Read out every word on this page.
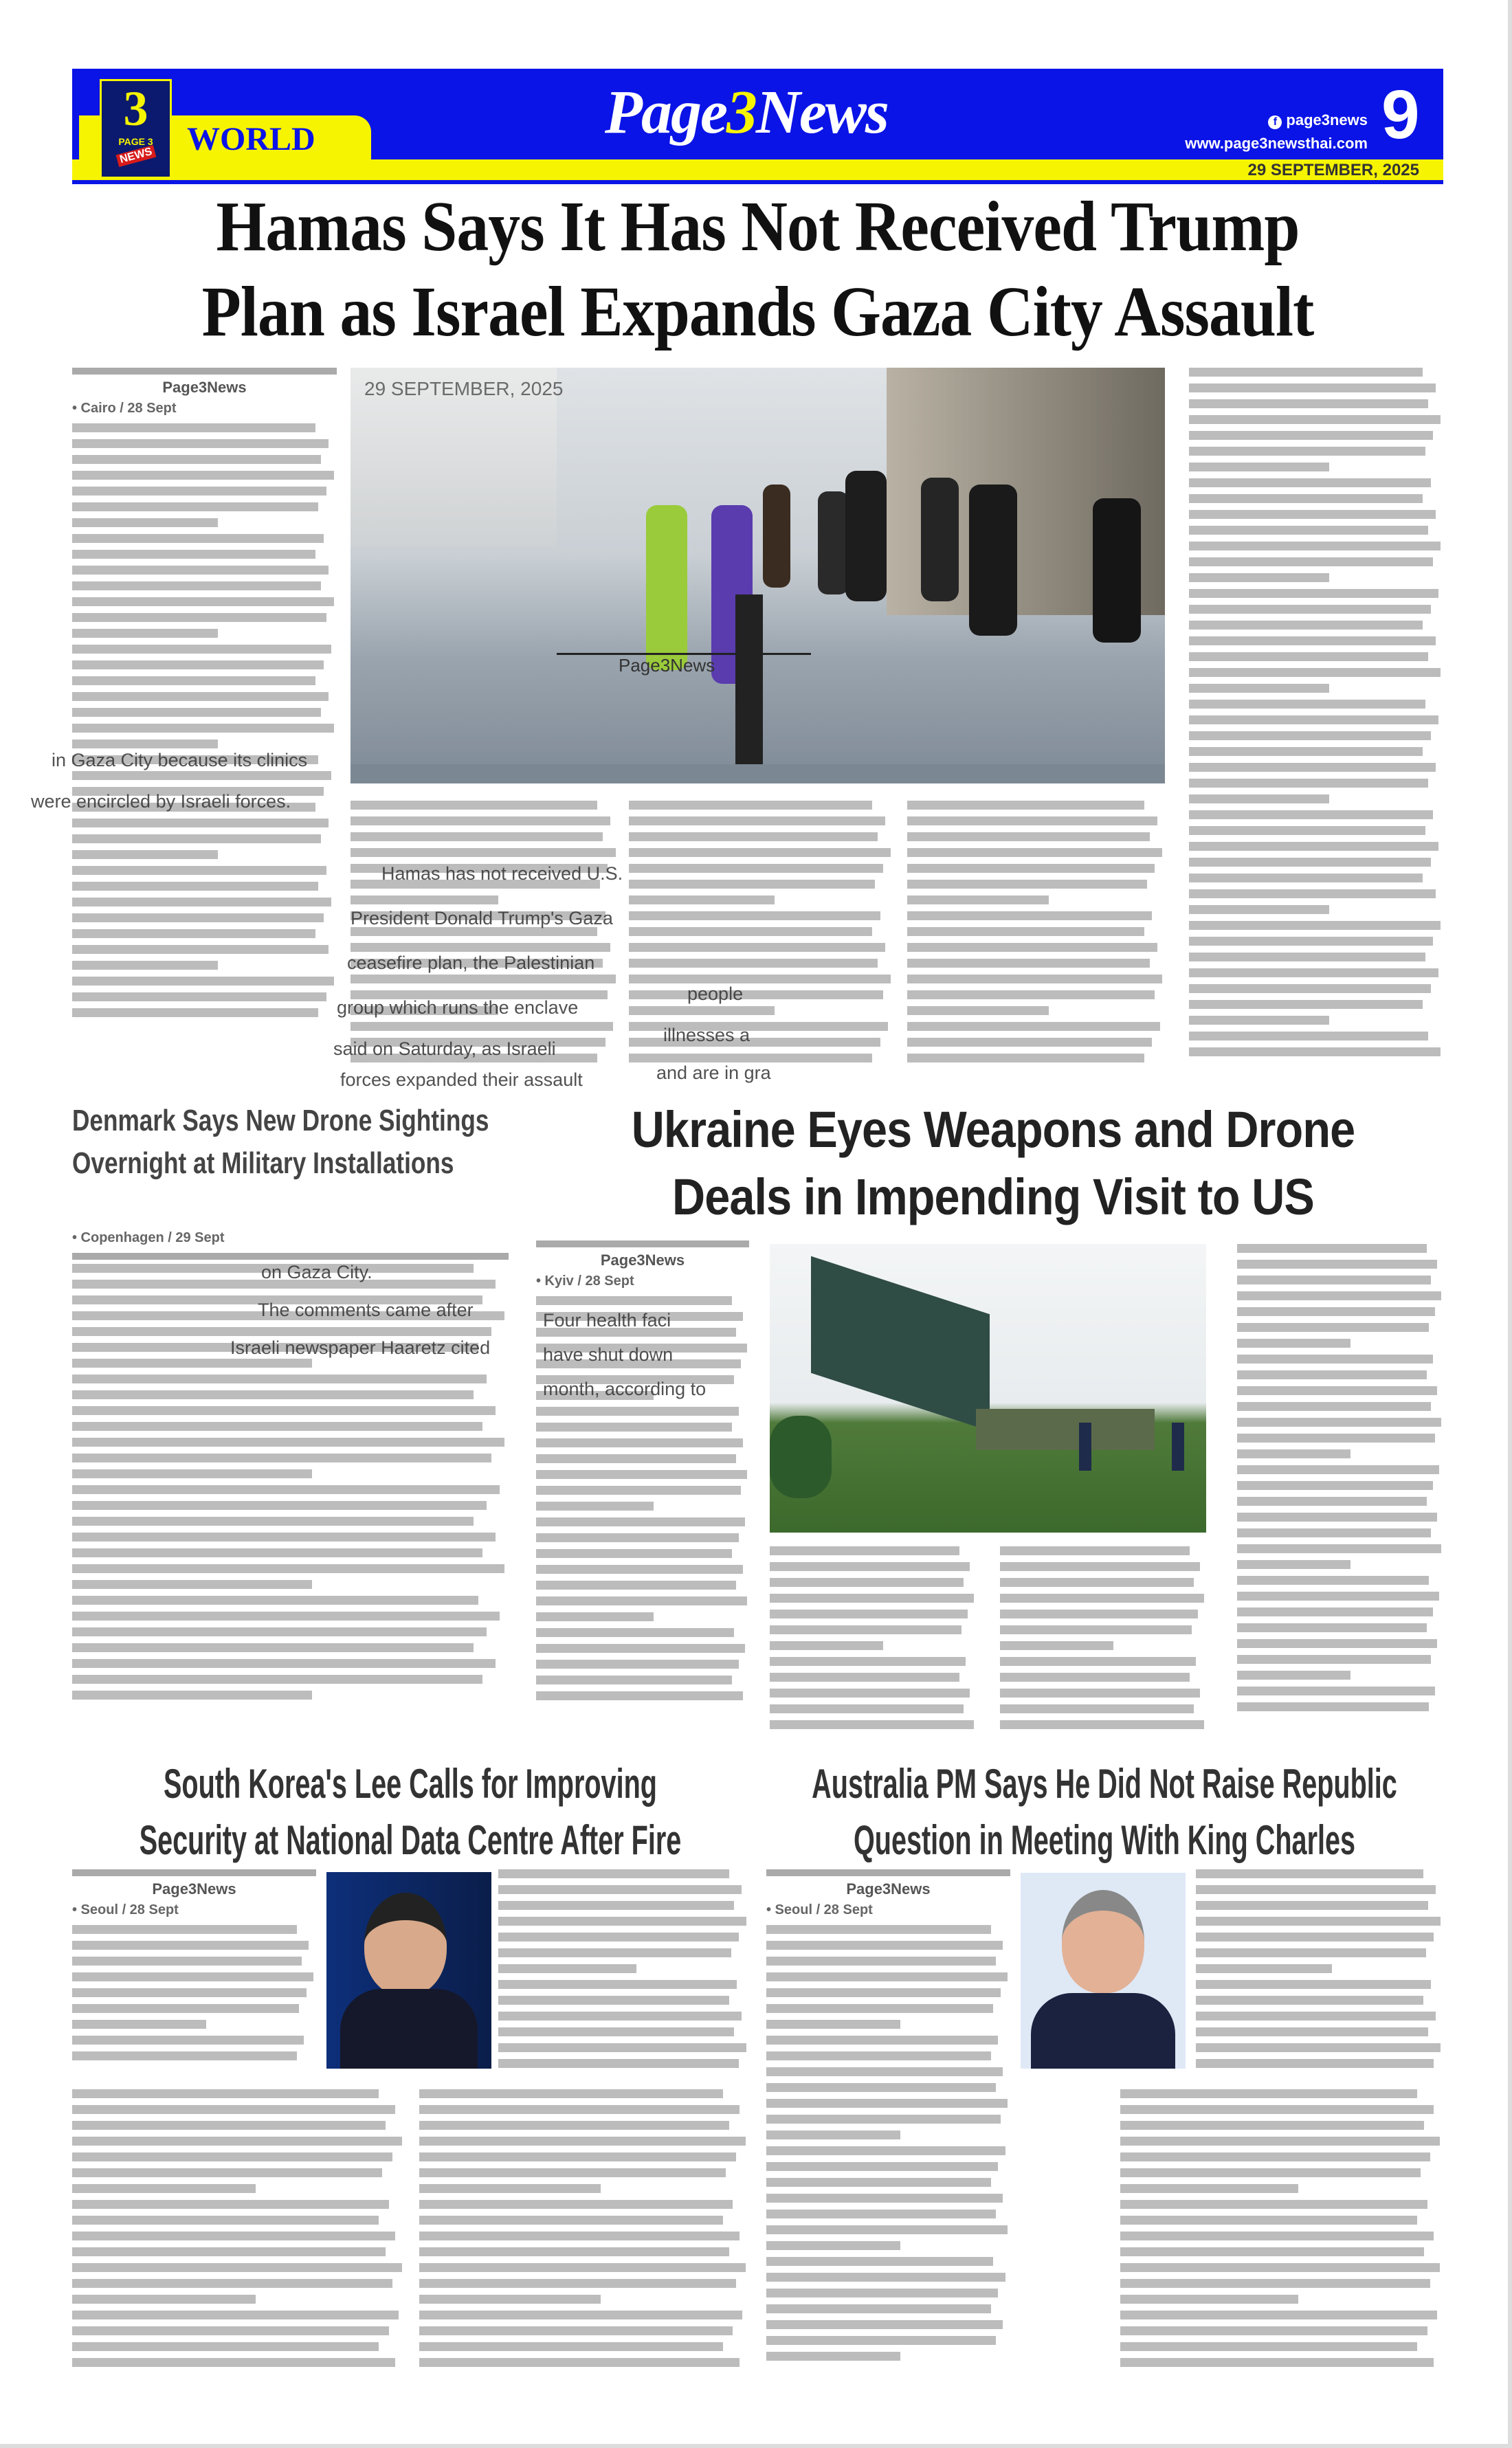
3
PAGE 3
NEWS	WORLD	Page3News	f page3news
www.page3newsthai.com 9
29 SEPTEMBER, 2025
Hamas Says It Has Not Received Trump
Plan as Israel Expands Gaza City Assault
Page3News
• Cairo / 28 Sept
Page3News
29 SEPTEMBER, 2025
in Gaza City because its clinics
were encircled by Israeli forces.
Hamas has not received U.S.
President Donald Trump's Gaza
ceasefire plan, the Palestinian
group which runs the enclave
said on Saturday, as Israeli
forces expanded their assault
The comments came after
Israeli newspaper Haaretz cited
on Gaza City.
people
illnesses a
and are in gra
Four health faci
have shut down
month, according to
Denmark Says New Drone Sightings Overnight at Military Installations
• Copenhagen / 29 Sept
Ukraine Eyes Weapons and Drone
Deals in Impending Visit to US
Page3News
• Kyiv / 28 Sept
South Korea's Lee Calls for Improving
Security at National Data Centre After Fire
Page3News
• Seoul / 28 Sept
Australia PM Says He Did Not Raise Republic
Question in Meeting With King Charles
Page3News
• Seoul / 28 Sept
